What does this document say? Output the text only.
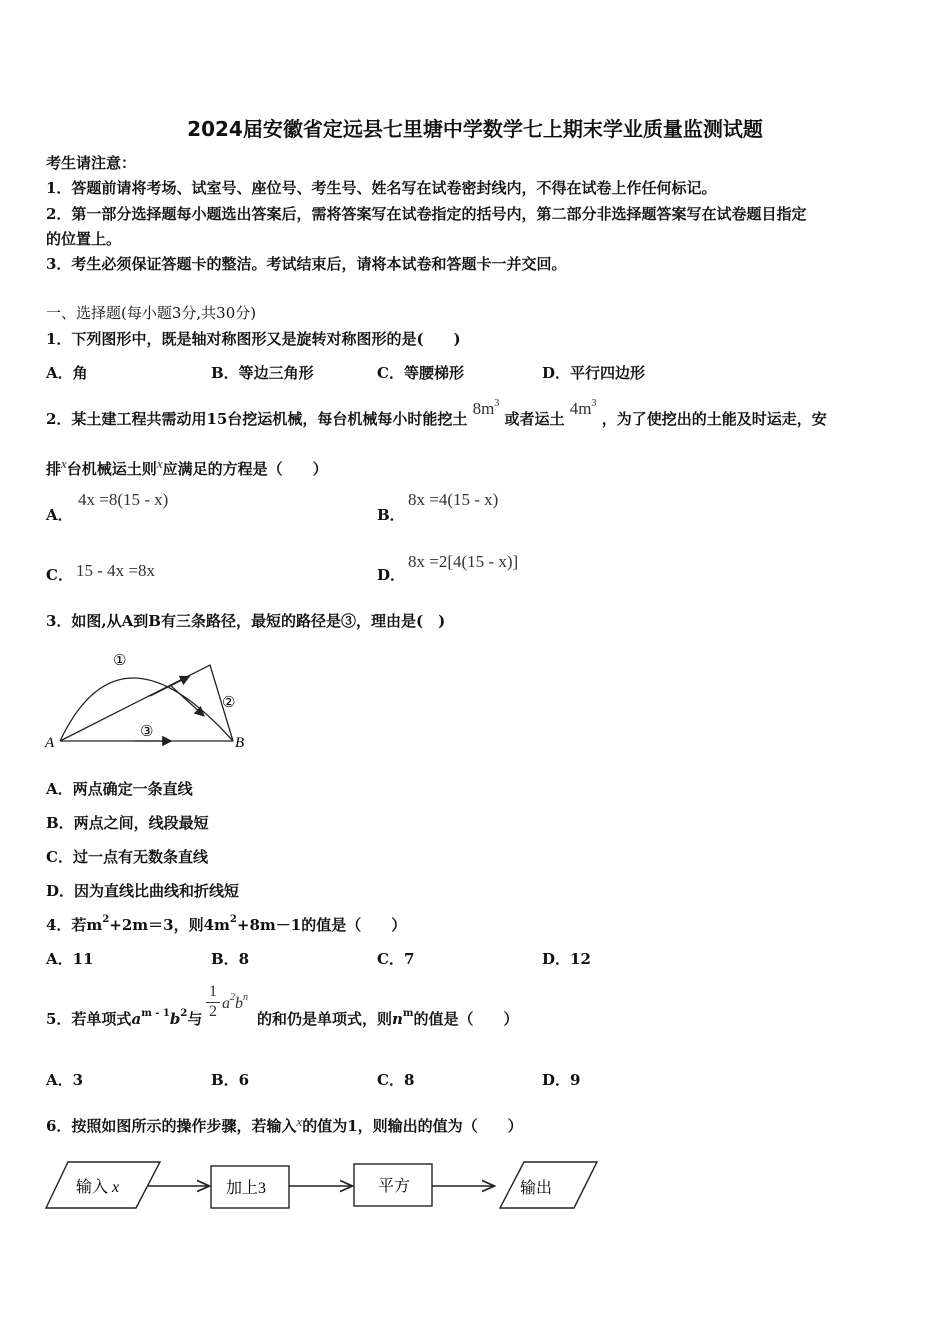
2024届安徽省定远县七里塘中学数学七上期末学业质量监测试题
考生请注意：
1．答题前请将考场、试室号、座位号、考生号、姓名写在试卷密封线内，不得在试卷上作任何标记。
2．第一部分选择题每小题选出答案后，需将答案写在试卷指定的括号内，第二部分非选择题答案写在试卷题目指定
的位置上。
3．考生必须保证答题卡的整洁。考试结束后，请将本试卷和答题卡一并交回。
一、选择题(每小题3分,共30分)
1．下列图形中，既是轴对称图形又是旋转对称图形的是(　　)
A．角	B．等边三角形	C．等腰梯形	D．平行四边形
2．某土建工程共需动用15台挖运机械，每台机械每小时能挖土 $8m^3$ 或者运土 $4m^3$ ，为了使挖出的土能及时运走，安
排x台机械运土则x应满足的方程是（　　）
A．
4x =8(15 - x)
B．
8x =4(15 - x)
C． 15 - 4x =8x	D．
8x =2[4(15 - x)]
3．如图,从A到B有三条路径，最短的路径是③，理由是(　)
①
②
③
A	B
A．两点确定一条直线
B．两点之间，线段最短
C．过一点有无数条直线
D．因为直线比曲线和折线短
4．若$m^2+2m=3$，则$4m^2+8m-1$的值是（　　）
A．11	B．8	C．7	D．12
5．若单项式$a^{m - 1}b^2$与 $\frac{1}{2} a^2b^n$
的和仍是单项式，则$n^m$的值是（　　）
A．3	B．6	C．8	D．9
6．按照如图所示的操作步骤，若输入x的值为1，则输出的值为（　　）
输入 x	加上3	平方	输出
